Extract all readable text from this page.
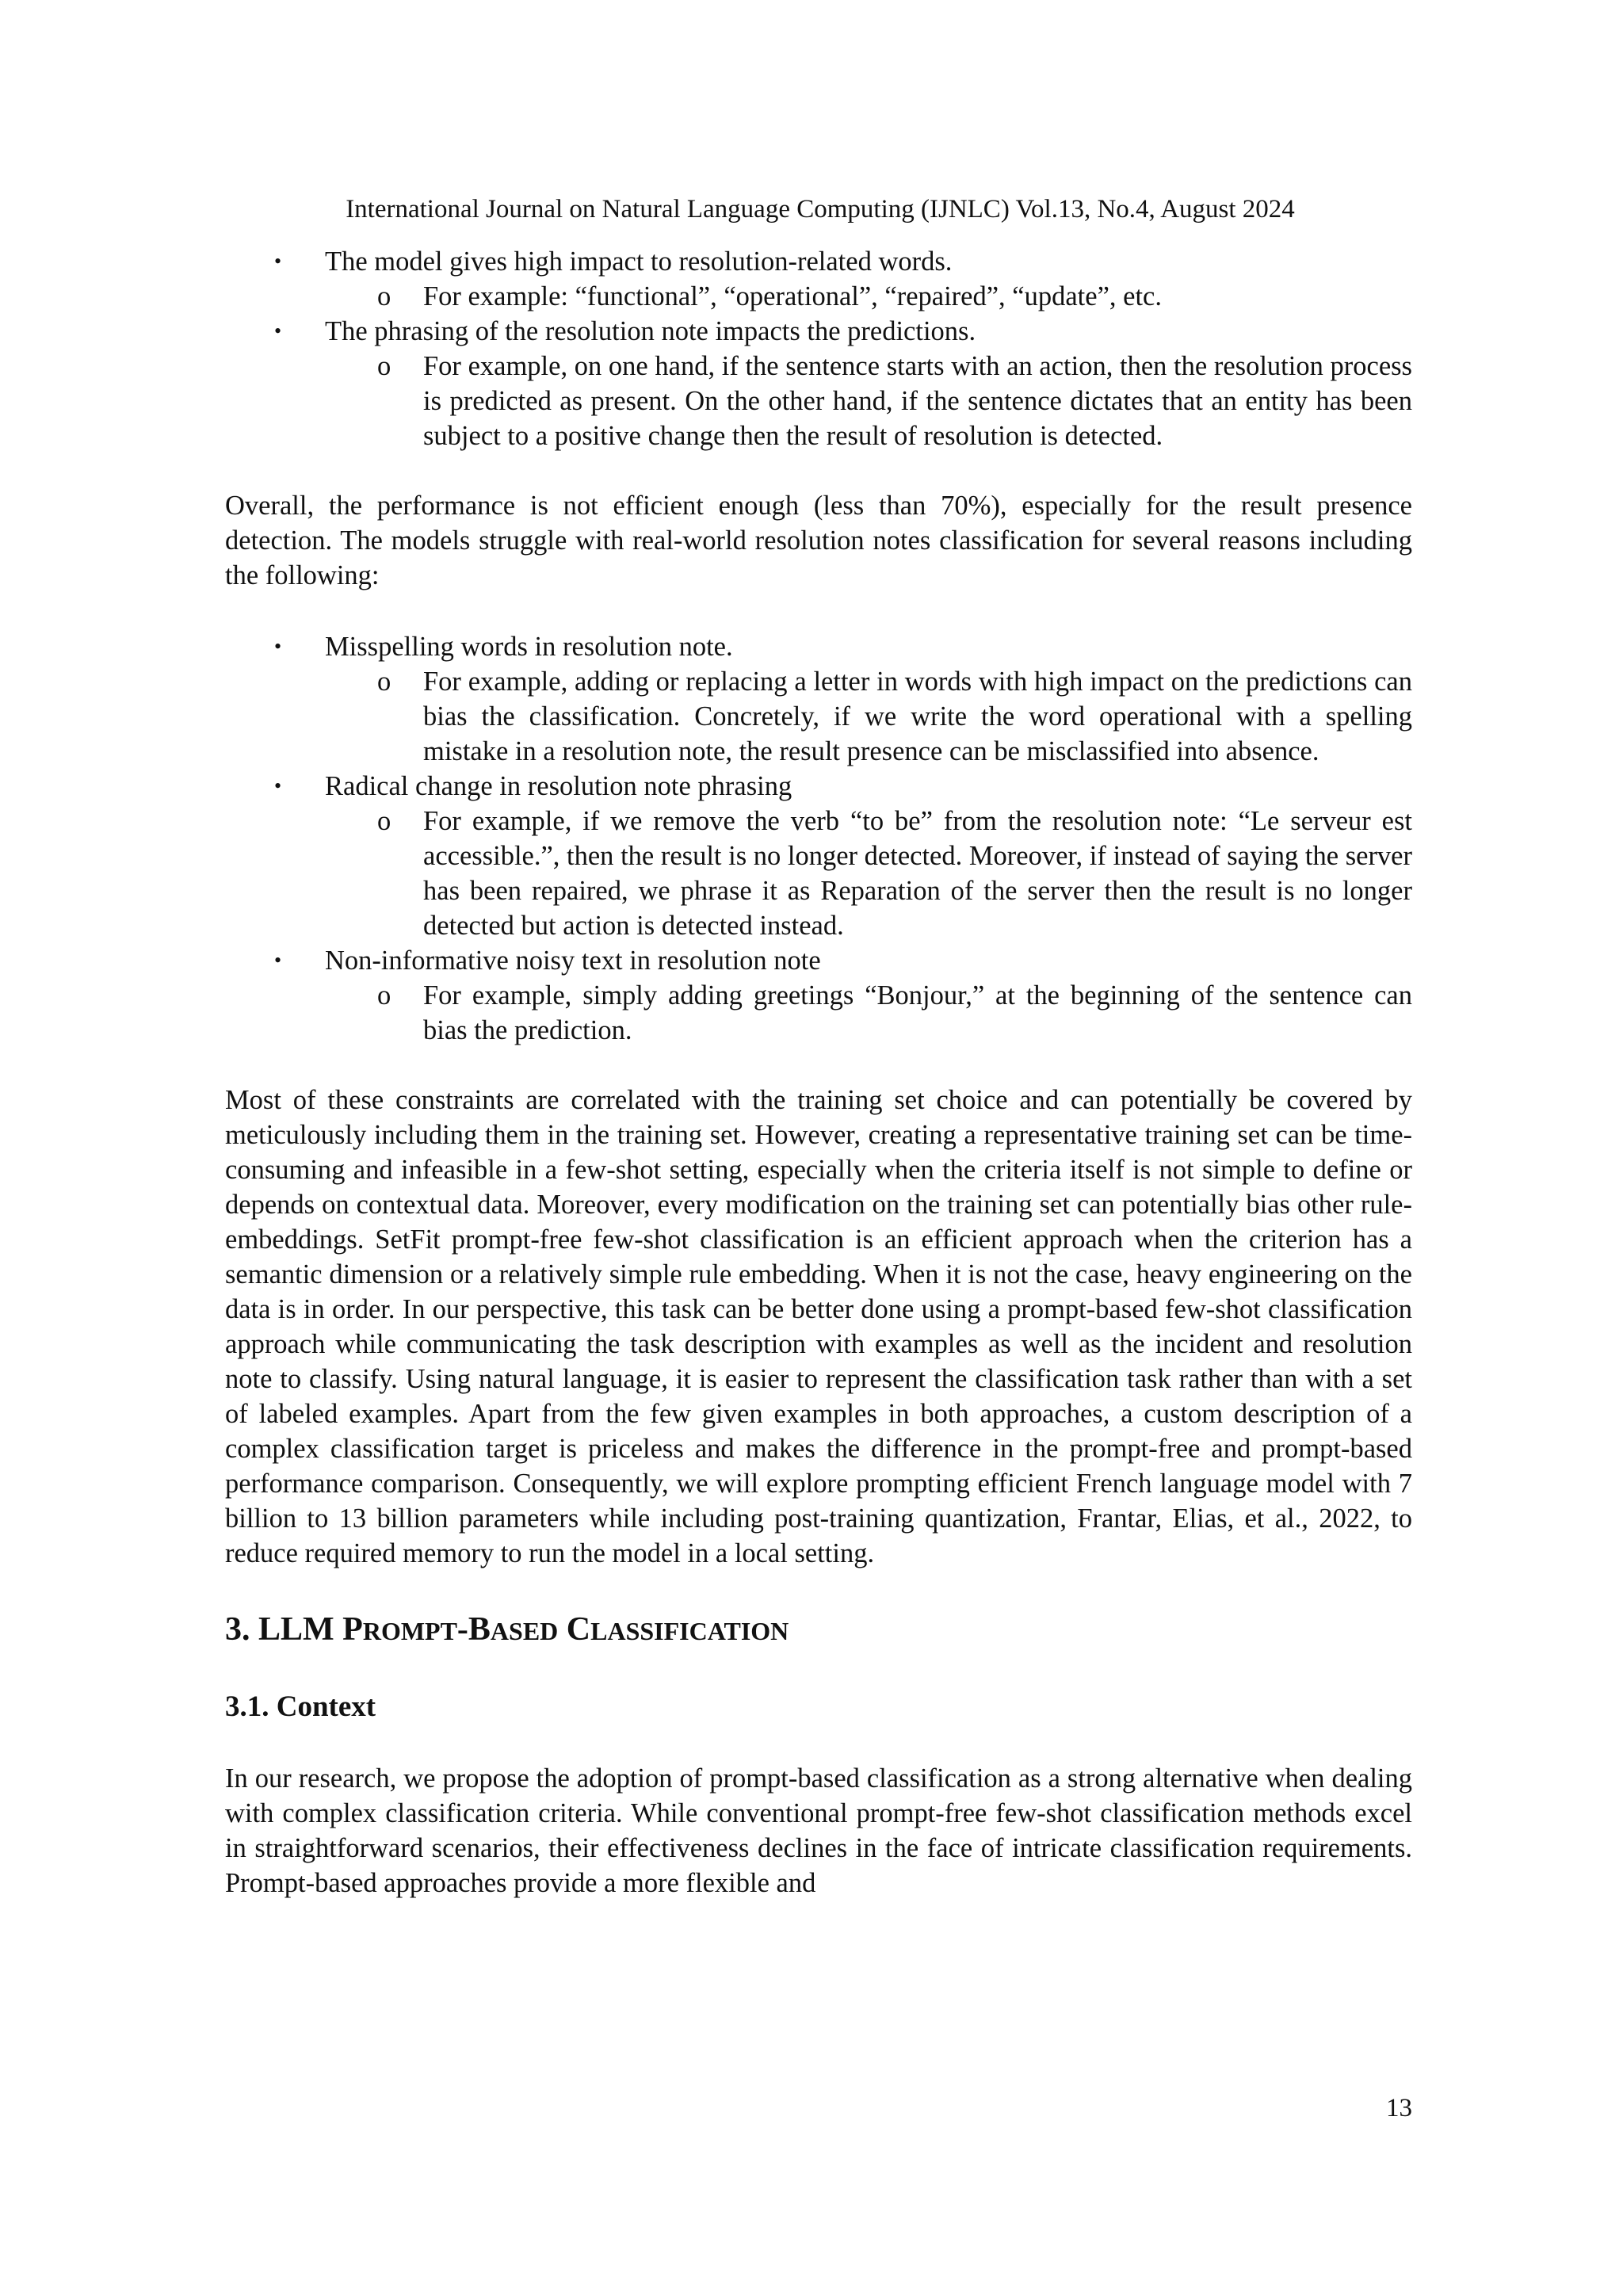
International Journal on Natural Language Computing (IJNLC) Vol.13, No.4, August 2024
• The model gives high impact to resolution-related words.
o For example: “functional”, “operational”, “repaired”, “update”, etc.
• The phrasing of the resolution note impacts the predictions.
o For example, on one hand, if the sentence starts with an action, then the resolution process is predicted as present. On the other hand, if the sentence dictates that an entity has been subject to a positive change then the result of resolution is detected.

Overall, the performance is not efficient enough (less than 70%), especially for the result presence detection. The models struggle with real-world resolution notes classification for several reasons including the following:

• Misspelling words in resolution note.
o For example, adding or replacing a letter in words with high impact on the predictions can bias the classification. Concretely, if we write the word operational with a spelling mistake in a resolution note, the result presence can be misclassified into absence.
• Radical change in resolution note phrasing
o For example, if we remove the verb “to be” from the resolution note: “Le serveur est accessible.”, then the result is no longer detected. Moreover, if instead of saying the server has been repaired, we phrase it as Reparation of the server then the result is no longer detected but action is detected instead.
• Non-informative noisy text in resolution note
o For example, simply adding greetings “Bonjour,” at the beginning of the sentence can bias the prediction.

Most of these constraints are correlated with the training set choice and can potentially be covered by meticulously including them in the training set. However, creating a representative training set can be time-consuming and infeasible in a few-shot setting, especially when the criteria itself is not simple to define or depends on contextual data. Moreover, every modification on the training set can potentially bias other rule-embeddings. SetFit prompt-free few-shot classification is an efficient approach when the criterion has a semantic dimension or a relatively simple rule embedding. When it is not the case, heavy engineering on the data is in order. In our perspective, this task can be better done using a prompt-based few-shot classification approach while communicating the task description with examples as well as the incident and resolution note to classify. Using natural language, it is easier to represent the classification task rather than with a set of labeled examples. Apart from the few given examples in both approaches, a custom description of a complex classification target is priceless and makes the difference in the prompt-free and prompt-based performance comparison. Consequently, we will explore prompting efficient French language model with 7 billion to 13 billion parameters while including post-training quantization, Frantar, Elias, et al., 2022, to reduce required memory to run the model in a local setting.

3. LLM PROMPT-BASED CLASSIFICATION
3.1. Context

In our research, we propose the adoption of prompt-based classification as a strong alternative when dealing with complex classification criteria. While conventional prompt-free few-shot classification methods excel in straightforward scenarios, their effectiveness declines in the face of intricate classification requirements. Prompt-based approaches provide a more flexible and

13
